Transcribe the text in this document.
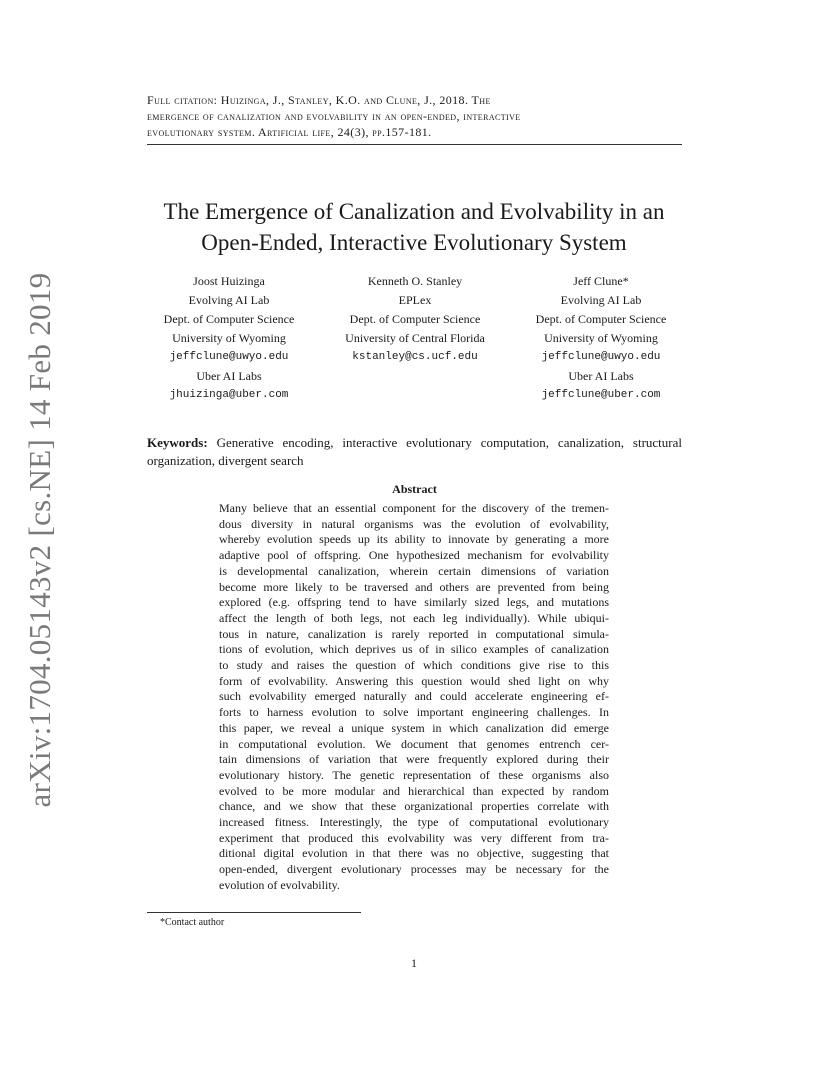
arXiv:1704.05143v2 [cs.NE] 14 Feb 2019
Full citation: Huizinga, J., Stanley, K.O. and Clune, J., 2018. The
emergence of canalization and evolvability in an open-ended, interactive
evolutionary system. Artificial life, 24(3), pp.157-181.
The Emergence of Canalization and Evolvability in an
Open-Ended, Interactive Evolutionary System
Joost Huizinga
Evolving AI Lab
Dept. of Computer Science
University of Wyoming
jeffclune@uwyo.edu
Uber AI Labs
jhuizinga@uber.com
Kenneth O. Stanley
EPLex
Dept. of Computer Science
University of Central Florida
kstanley@cs.ucf.edu
Jeff Clune*
Evolving AI Lab
Dept. of Computer Science
University of Wyoming
jeffclune@uwyo.edu
Uber AI Labs
jeffclune@uber.com
Keywords: Generative encoding, interactive evolutionary computation, canalization, structural organization, divergent search
Abstract
Many believe that an essential component for the discovery of the tremen-
dous diversity in natural organisms was the evolution of evolvability,
whereby evolution speeds up its ability to innovate by generating a more
adaptive pool of offspring. One hypothesized mechanism for evolvability
is developmental canalization, wherein certain dimensions of variation
become more likely to be traversed and others are prevented from being
explored (e.g. offspring tend to have similarly sized legs, and mutations
affect the length of both legs, not each leg individually). While ubiqui-
tous in nature, canalization is rarely reported in computational simula-
tions of evolution, which deprives us of in silico examples of canalization
to study and raises the question of which conditions give rise to this
form of evolvability. Answering this question would shed light on why
such evolvability emerged naturally and could accelerate engineering ef-
forts to harness evolution to solve important engineering challenges. In
this paper, we reveal a unique system in which canalization did emerge
in computational evolution. We document that genomes entrench cer-
tain dimensions of variation that were frequently explored during their
evolutionary history. The genetic representation of these organisms also
evolved to be more modular and hierarchical than expected by random
chance, and we show that these organizational properties correlate with
increased fitness. Interestingly, the type of computational evolutionary
experiment that produced this evolvability was very different from tra-
ditional digital evolution in that there was no objective, suggesting that
open-ended, divergent evolutionary processes may be necessary for the
evolution of evolvability.
*Contact author
1
